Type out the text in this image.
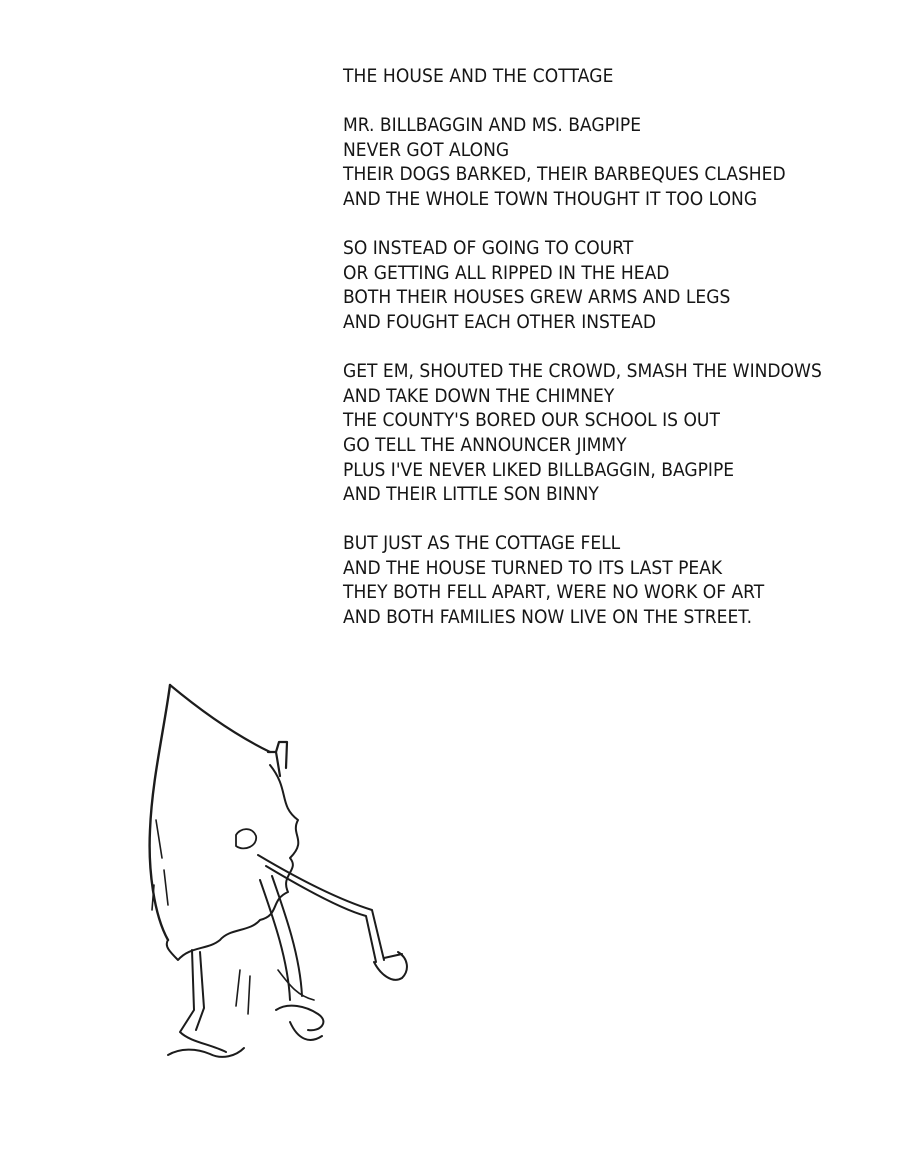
THE HOUSE AND THE COTTAGE
MR. BILLBAGGIN AND MS. BAGPIPE
NEVER GOT ALONG
THEIR DOGS BARKED, THEIR BARBEQUES CLASHED
AND THE WHOLE TOWN THOUGHT IT TOO LONG
SO INSTEAD OF GOING TO COURT
OR GETTING ALL RIPPED IN THE HEAD
BOTH THEIR HOUSES GREW ARMS AND LEGS
AND FOUGHT EACH OTHER INSTEAD
GET EM, SHOUTED THE CROWD, SMASH THE WINDOWS
AND TAKE DOWN THE CHIMNEY
THE COUNTY'S BORED OUR SCHOOL IS OUT
GO TELL THE ANNOUNCER JIMMY
PLUS I'VE NEVER LIKED BILLBAGGIN, BAGPIPE
AND THEIR LITTLE SON BINNY
BUT JUST AS THE COTTAGE FELL
AND THE HOUSE TURNED TO ITS LAST PEAK
THEY BOTH FELL APART, WERE NO WORK OF ART
AND BOTH FAMILIES NOW LIVE ON THE STREET.
